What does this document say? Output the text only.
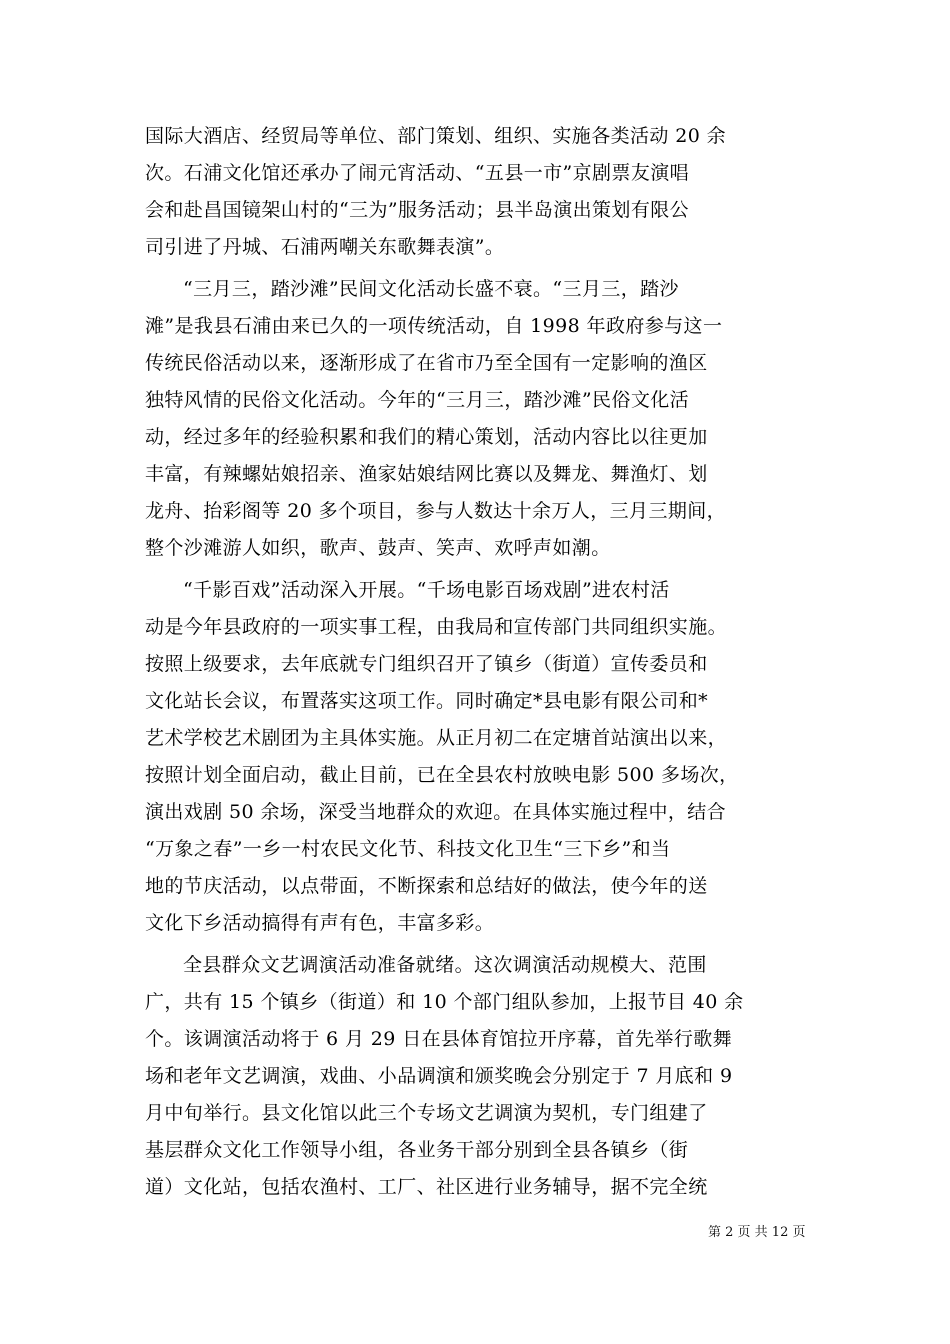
国际大酒店、经贸局等单位、部门策划、组织、实施各类活动 20 余
次。石浦文化馆还承办了闹元宵活动、“五县一市”京剧票友演唱
会和赴昌国镜架山村的“三为”服务活动；县半岛演出策划有限公
司引进了丹城、石浦两嘲关东歌舞表演”。
“三月三，踏沙滩”民间文化活动长盛不衰。“三月三，踏沙
滩”是我县石浦由来已久的一项传统活动，自 1998 年政府参与这一
传统民俗活动以来，逐渐形成了在省市乃至全国有一定影响的渔区
独特风情的民俗文化活动。今年的“三月三，踏沙滩”民俗文化活
动，经过多年的经验积累和我们的精心策划，活动内容比以往更加
丰富，有辣螺姑娘招亲、渔家姑娘结网比赛以及舞龙、舞渔灯、划
龙舟、抬彩阁等 20 多个项目，参与人数达十余万人，三月三期间，
整个沙滩游人如织，歌声、鼓声、笑声、欢呼声如潮。
“千影百戏”活动深入开展。“千场电影百场戏剧”进农村活
动是今年县政府的一项实事工程，由我局和宣传部门共同组织实施。
按照上级要求，去年底就专门组织召开了镇乡（街道）宣传委员和
文化站长会议，布置落实这项工作。同时确定*县电影有限公司和*
艺术学校艺术剧团为主具体实施。从正月初二在定塘首站演出以来，
按照计划全面启动，截止目前，已在全县农村放映电影 500 多场次，
演出戏剧 50 余场，深受当地群众的欢迎。在具体实施过程中，结合
“万象之春”一乡一村农民文化节、科技文化卫生“三下乡”和当
地的节庆活动，以点带面，不断探索和总结好的做法，使今年的送
文化下乡活动搞得有声有色，丰富多彩。
全县群众文艺调演活动准备就绪。这次调演活动规模大、范围
广，共有 15 个镇乡（街道）和 10 个部门组队参加，上报节目 40 余
个。该调演活动将于 6 月 29 日在县体育馆拉开序幕，首先举行歌舞
场和老年文艺调演，戏曲、小品调演和颁奖晚会分别定于 7 月底和 9
月中旬举行。县文化馆以此三个专场文艺调演为契机，专门组建了
基层群众文化工作领导小组，各业务干部分别到全县各镇乡（街
道）文化站，包括农渔村、工厂、社区进行业务辅导，据不完全统
第 2 页 共 12 页
